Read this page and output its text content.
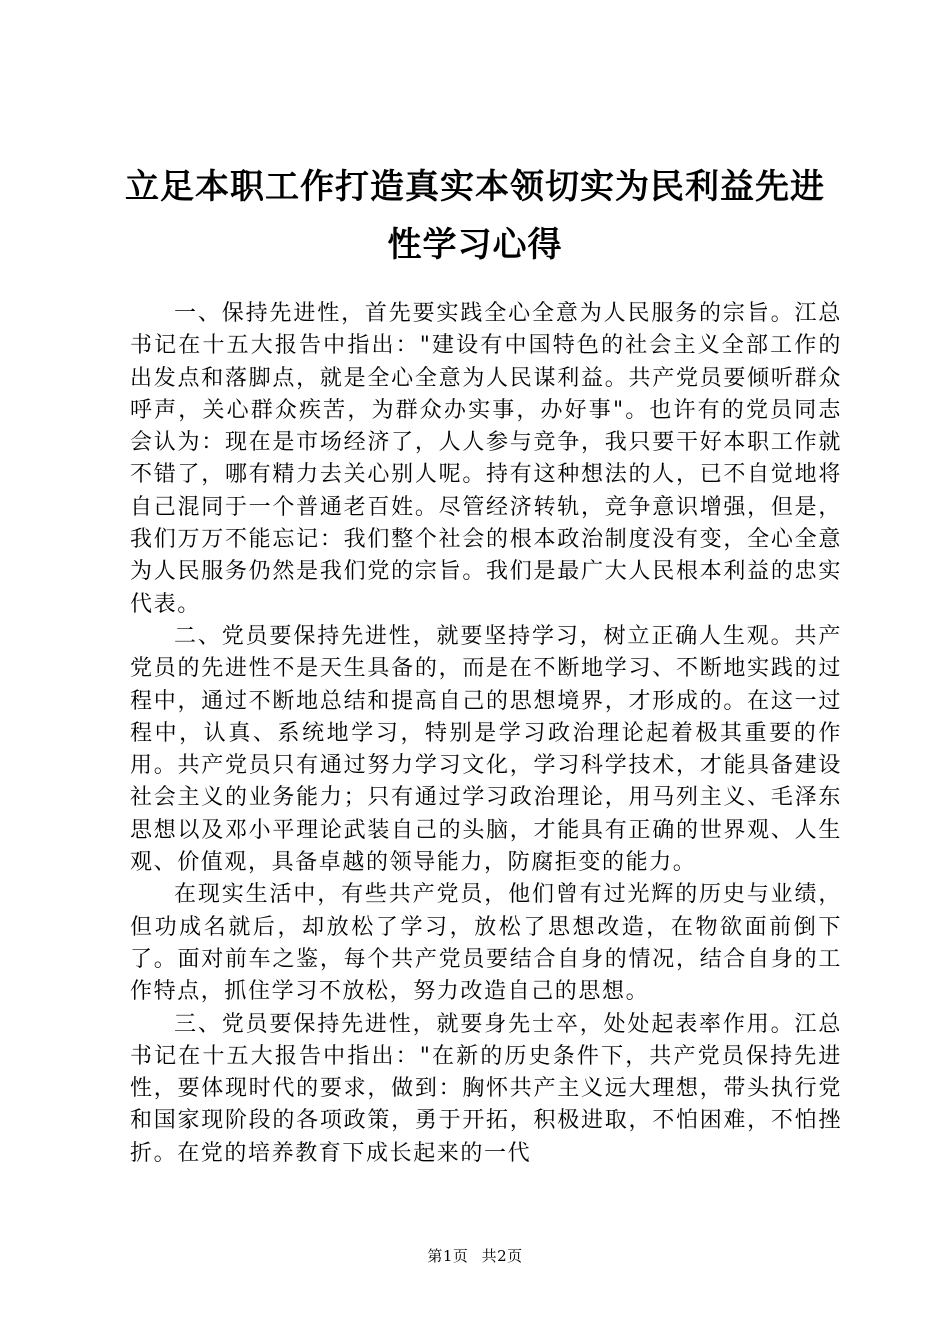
立足本职工作打造真实本领切实为民利益先进性学习心得

一、保持先进性，首先要实践全心全意为人民服务的宗旨。江总书记在十五大报告中指出："建设有中国特色的社会主义全部工作的出发点和落脚点，就是全心全意为人民谋利益。共产党员要倾听群众呼声，关心群众疾苦，为群众办实事，办好事"。也许有的党员同志会认为：现在是市场经济了，人人参与竞争，我只要干好本职工作就不错了，哪有精力去关心别人呢。持有这种想法的人，已不自觉地将自己混同于一个普通老百姓。尽管经济转轨，竞争意识增强，但是，我们万万不能忘记：我们整个社会的根本政治制度没有变，全心全意为人民服务仍然是我们党的宗旨。我们是最广大人民根本利益的忠实代表。

二、党员要保持先进性，就要坚持学习，树立正确人生观。共产党员的先进性不是天生具备的，而是在不断地学习、不断地实践的过程中，通过不断地总结和提高自己的思想境界，才形成的。在这一过程中，认真、系统地学习，特别是学习政治理论起着极其重要的作用。共产党员只有通过努力学习文化，学习科学技术，才能具备建设社会主义的业务能力；只有通过学习政治理论，用马列主义、毛泽东思想以及邓小平理论武装自己的头脑，才能具有正确的世界观、人生观、价值观，具备卓越的领导能力，防腐拒变的能力。

在现实生活中，有些共产党员，他们曾有过光辉的历史与业绩，但功成名就后，却放松了学习，放松了思想改造，在物欲面前倒下了。面对前车之鉴，每个共产党员要结合自身的情况，结合自身的工作特点，抓住学习不放松，努力改造自己的思想。

三、党员要保持先进性，就要身先士卒，处处起表率作用。江总书记在十五大报告中指出："在新的历史条件下，共产党员保持先进性，要体现时代的要求，做到：胸怀共产主义远大理想，带头执行党和国家现阶段的各项政策，勇于开拓，积极进取，不怕困难，不怕挫折。在党的培养教育下成长起来的一代

第1页 共2页
